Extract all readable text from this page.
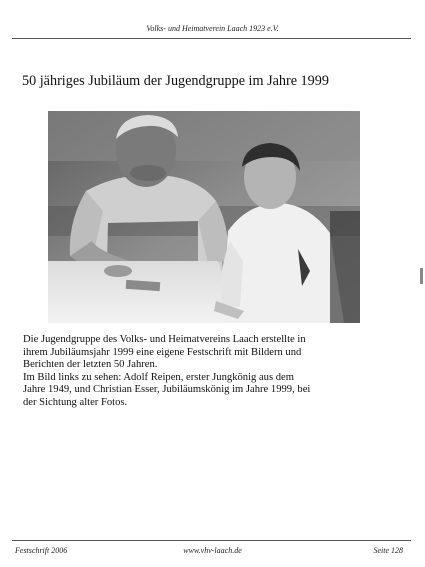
Volks- und Heimatverein Laach 1923 e.V.
50 jähriges Jubiläum der Jugendgruppe im Jahre 1999

Die Jugendgruppe des Volks- und Heimatvereins Laach erstellte in

ihrem Jubiläumsjahr 1999 eine eigene Festschrift mit Bildern und

Berichten der letzten 50 Jahren.

Im Bild links zu sehen: Adolf Reipen, erster Jungkönig aus dem

Jahre 1949, und Christian Esser, Jubiläumskönig im Jahre 1999, bei

der Sichtung alter Fotos.

Festschrift 2006	www.vhv-laach.de	Seite 128
